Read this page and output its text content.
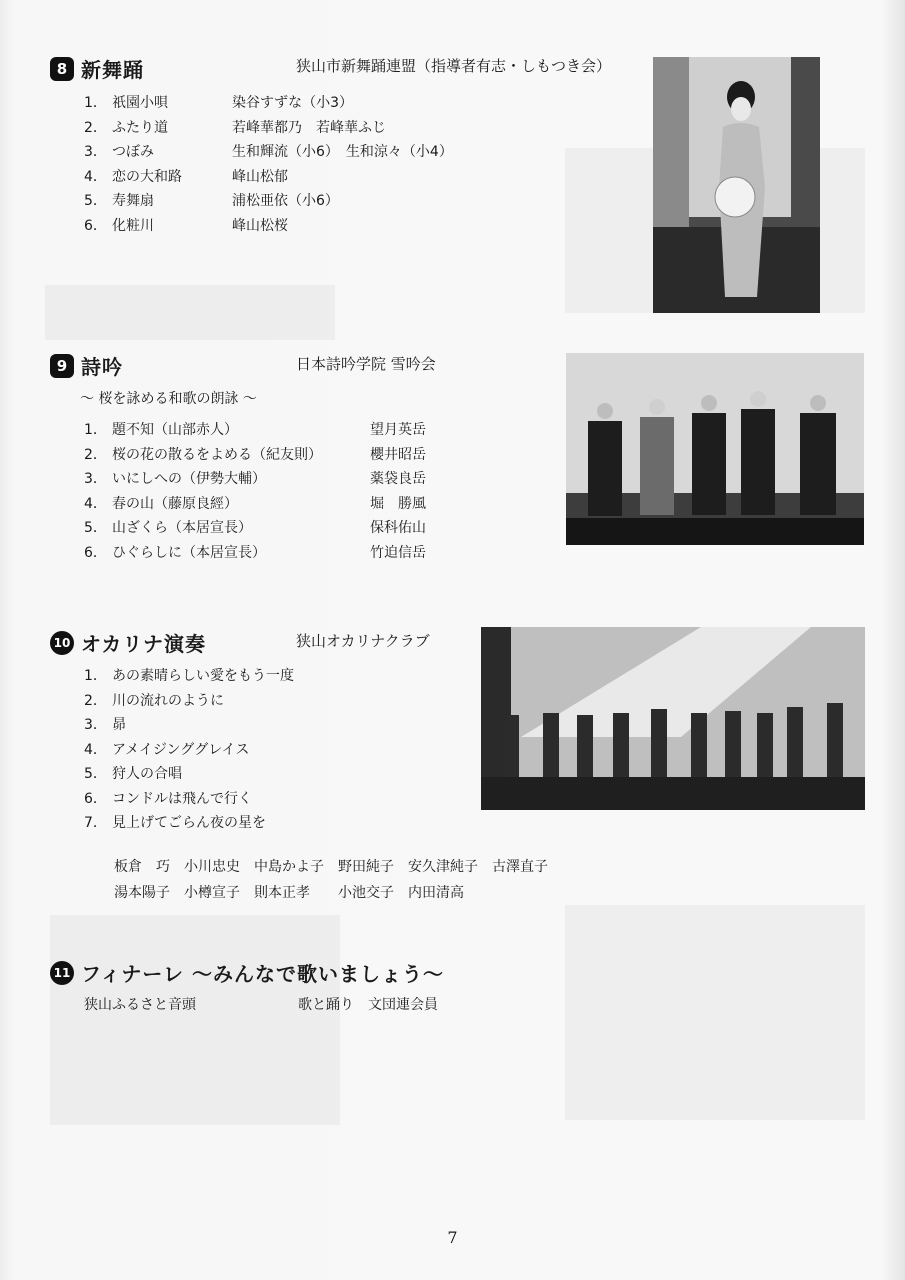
8 新舞踊	狭山市新舞踊連盟（指導者有志・しもつき会）
1． 祇園小唄	染谷すずな（小3）
2． ふたり道	若峰華都乃　若峰華ふじ
3． つぼみ	生和輝流（小6）　生和涼々（小4）
4． 恋の大和路	峰山松郁
5． 寿舞扇	浦松亜依（小6）
6． 化粧川	峰山松桜
9 詩吟	日本詩吟学院 雪吟会
～ 桜を詠める和歌の朗詠 ～
1． 題不知（山部赤人）	望月英岳
2． 桜の花の散るをよめる（紀友則）	櫻井昭岳
3． いにしへの（伊勢大輔）	薬袋良岳
4． 春の山（藤原良經）	堀　勝風
5． 山ざくら（本居宣長）	保科佑山
6． ひぐらしに（本居宣長）	竹迫信岳
10 オカリナ演奏	狭山オカリナクラブ
1． あの素晴らしい愛をもう一度
2． 川の流れのように
3． 昴
4． アメイジンググレイス
5． 狩人の合唱
6． コンドルは飛んで行く
7． 見上げてごらん夜の星を
板倉　巧　小川忠史　中島かよ子　野田純子　安久津純子　古澤直子
湯本陽子　小樽宣子　則本正孝　　小池交子　内田清高
11 フィナーレ ～みんなで歌いましょう～
狭山ふるさと音頭	歌と踊り　文団連会員
7
